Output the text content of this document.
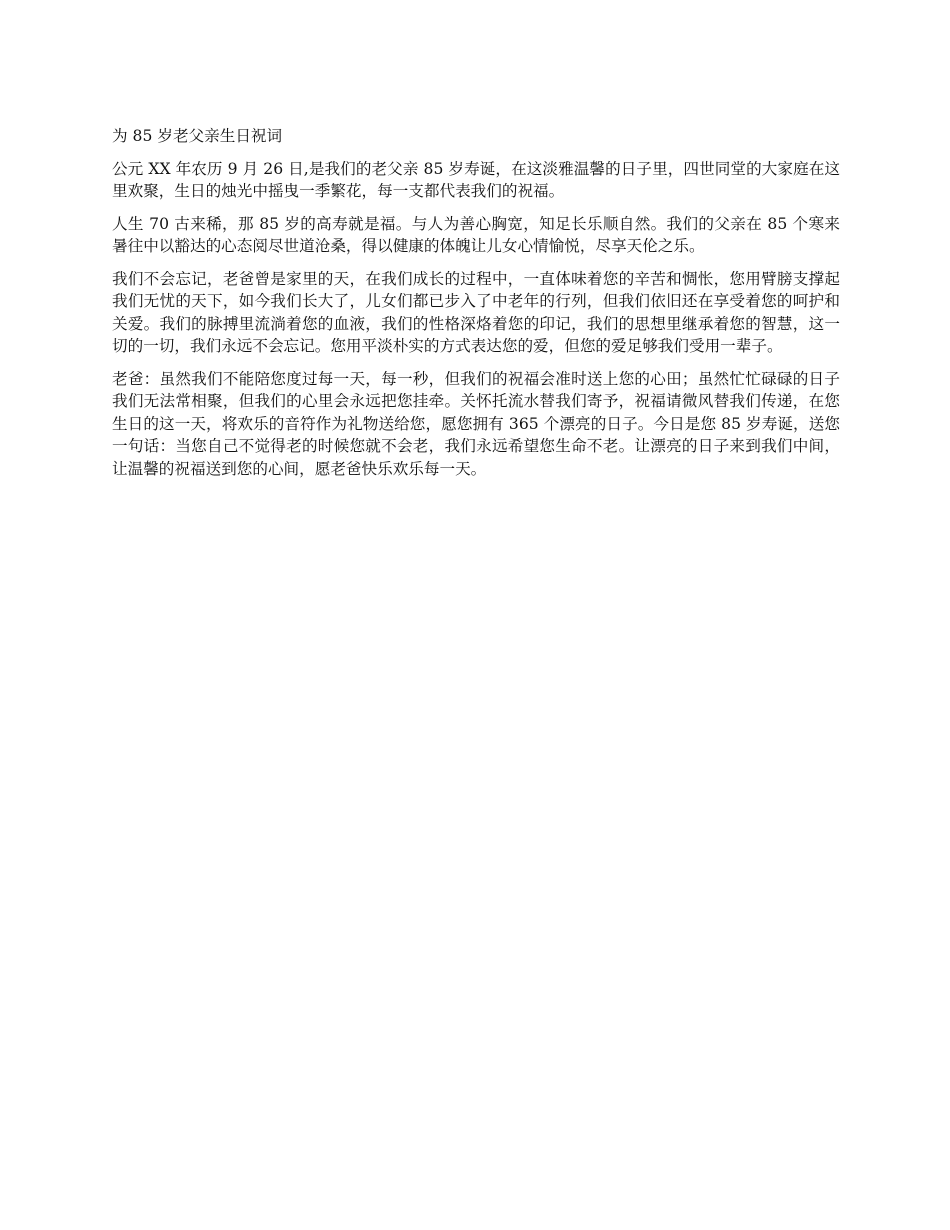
为 85 岁老父亲生日祝词

公元 XX 年农历 9 月 26 日,是我们的老父亲 85 岁寿诞，在这淡雅温馨的日子里，四世同堂的大家庭在这里欢聚，生日的烛光中摇曳一季繁花，每一支都代表我们的祝福。

人生 70 古来稀，那 85 岁的高寿就是福。与人为善心胸宽，知足长乐顺自然。我们的父亲在 85 个寒来暑往中以豁达的心态阅尽世道沧桑，得以健康的体魄让儿女心情愉悦，尽享天伦之乐。

我们不会忘记，老爸曾是家里的天，在我们成长的过程中，一直体味着您的辛苦和惆怅，您用臂膀支撑起我们无忧的天下，如今我们长大了，儿女们都已步入了中老年的行列，但我们依旧还在享受着您的呵护和关爱。我们的脉搏里流淌着您的血液，我们的性格深烙着您的印记，我们的思想里继承着您的智慧，这一切的一切，我们永远不会忘记。您用平淡朴实的方式表达您的爱，但您的爱足够我们受用一辈子。

老爸：虽然我们不能陪您度过每一天，每一秒，但我们的祝福会准时送上您的心田；虽然忙忙碌碌的日子我们无法常相聚，但我们的心里会永远把您挂牵。关怀托流水替我们寄予，祝福请微风替我们传递，在您生日的这一天，将欢乐的音符作为礼物送给您，愿您拥有 365 个漂亮的日子。今日是您 85 岁寿诞，送您一句话：当您自己不觉得老的时候您就不会老，我们永远希望您生命不老。让漂亮的日子来到我们中间，让温馨的祝福送到您的心间，愿老爸快乐欢乐每一天。
